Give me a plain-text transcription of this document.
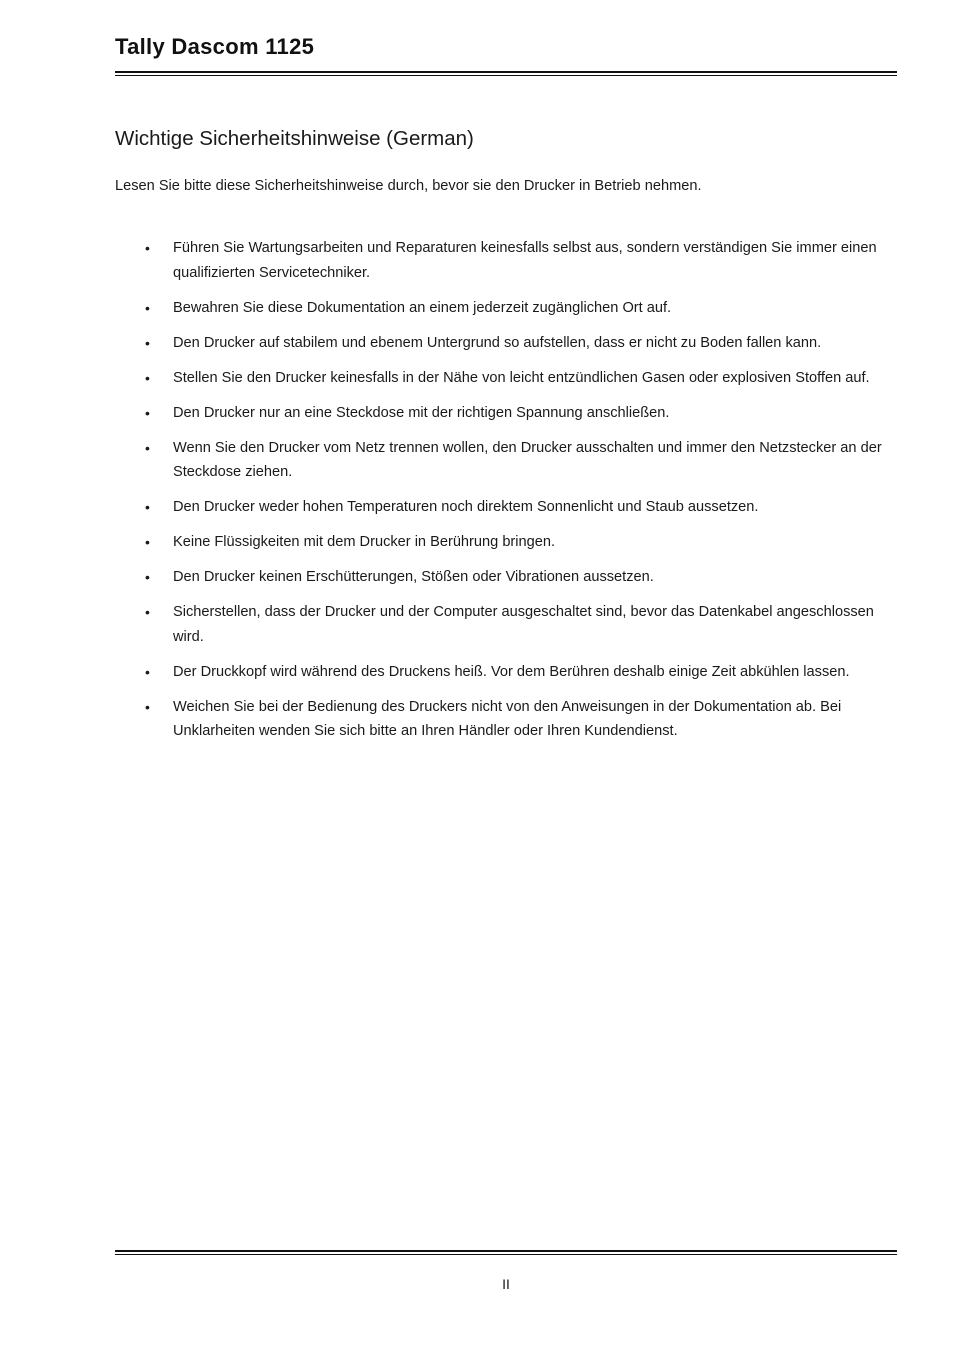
Tally Dascom 1125
Wichtige Sicherheitshinweise (German)

Lesen Sie bitte diese Sicherheitshinweise durch, bevor sie den Drucker in Betrieb nehmen.

• Führen Sie Wartungsarbeiten und Reparaturen keinesfalls selbst aus, sondern verständigen Sie immer einen qualifizierten Servicetechniker.
• Bewahren Sie diese Dokumentation an einem jederzeit zugänglichen Ort auf.
• Den Drucker auf stabilem und ebenem Untergrund so aufstellen, dass er nicht zu Boden fallen kann.
• Stellen Sie den Drucker keinesfalls in der Nähe von leicht entzündlichen Gasen oder explosiven Stoffen auf.
• Den Drucker nur an eine Steckdose mit der richtigen Spannung anschließen.
• Wenn Sie den Drucker vom Netz trennen wollen, den Drucker ausschalten und immer den Netzstecker an der Steckdose ziehen.
• Den Drucker weder hohen Temperaturen noch direktem Sonnenlicht und Staub aussetzen.
• Keine Flüssigkeiten mit dem Drucker in Berührung bringen.
• Den Drucker keinen Erschütterungen, Stößen oder Vibrationen aussetzen.
• Sicherstellen, dass der Drucker und der Computer ausgeschaltet sind, bevor das Datenkabel angeschlossen wird.
• Der Druckkopf wird während des Druckens heiß. Vor dem Berühren deshalb einige Zeit abkühlen lassen.
• Weichen Sie bei der Bedienung des Druckers nicht von den Anweisungen in der Dokumentation ab. Bei Unklarheiten wenden Sie sich bitte an Ihren Händler oder Ihren Kundendienst.
II
